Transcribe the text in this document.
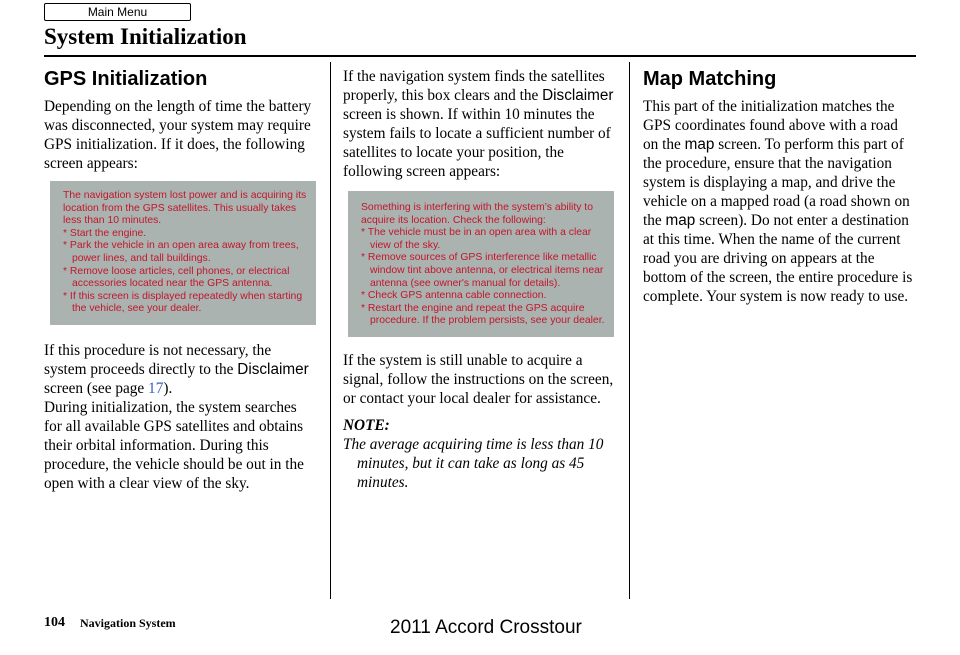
Main Menu
System Initialization
GPS Initialization

Depending on the length of time the battery was disconnected, your system may require GPS initialization. If it does, the following screen appears:

The navigation system lost power and is acquiring its location from the GPS satellites. This usually takes less than 10 minutes.
* Start the engine.
* Park the vehicle in an open area away from trees, power lines, and tall buildings.
* Remove loose articles, cell phones, or electrical accessories located near the GPS antenna.
* If this screen is displayed repeatedly when starting the vehicle, see your dealer.

If this procedure is not necessary, the system proceeds directly to the Disclaimer screen (see page 17).

During initialization, the system searches for all available GPS satellites and obtains their orbital information. During this procedure, the vehicle should be out in the open with a clear view of the sky.

If the navigation system finds the satellites properly, this box clears and the Disclaimer screen is shown. If within 10 minutes the system fails to locate a sufficient number of satellites to locate your position, the following screen appears:

Something is interfering with the system’s ability to acquire its location. Check the following:
* The vehicle must be in an open area with a clear view of the sky.
* Remove sources of GPS interference like metallic window tint above antenna, or electrical items near antenna (see owner's manual for details).
* Check GPS antenna cable connection.
* Restart the engine and repeat the GPS acquire procedure. If the problem persists, see your dealer.

If the system is still unable to acquire a signal, follow the instructions on the screen, or contact your local dealer for assistance.

NOTE:

The average acquiring time is less than 10 minutes, but it can take as long as 45 minutes.

Map Matching

This part of the initialization matches the GPS coordinates found above with a road on the map screen. To perform this part of the procedure, ensure that the navigation system is displaying a map, and drive the vehicle on a mapped road (a road shown on the map screen). Do not enter a destination at this time. When the name of the current road you are driving on appears at the bottom of the screen, the entire procedure is complete. Your system is now ready to use.

104 Navigation System	2011 Accord Crosstour
